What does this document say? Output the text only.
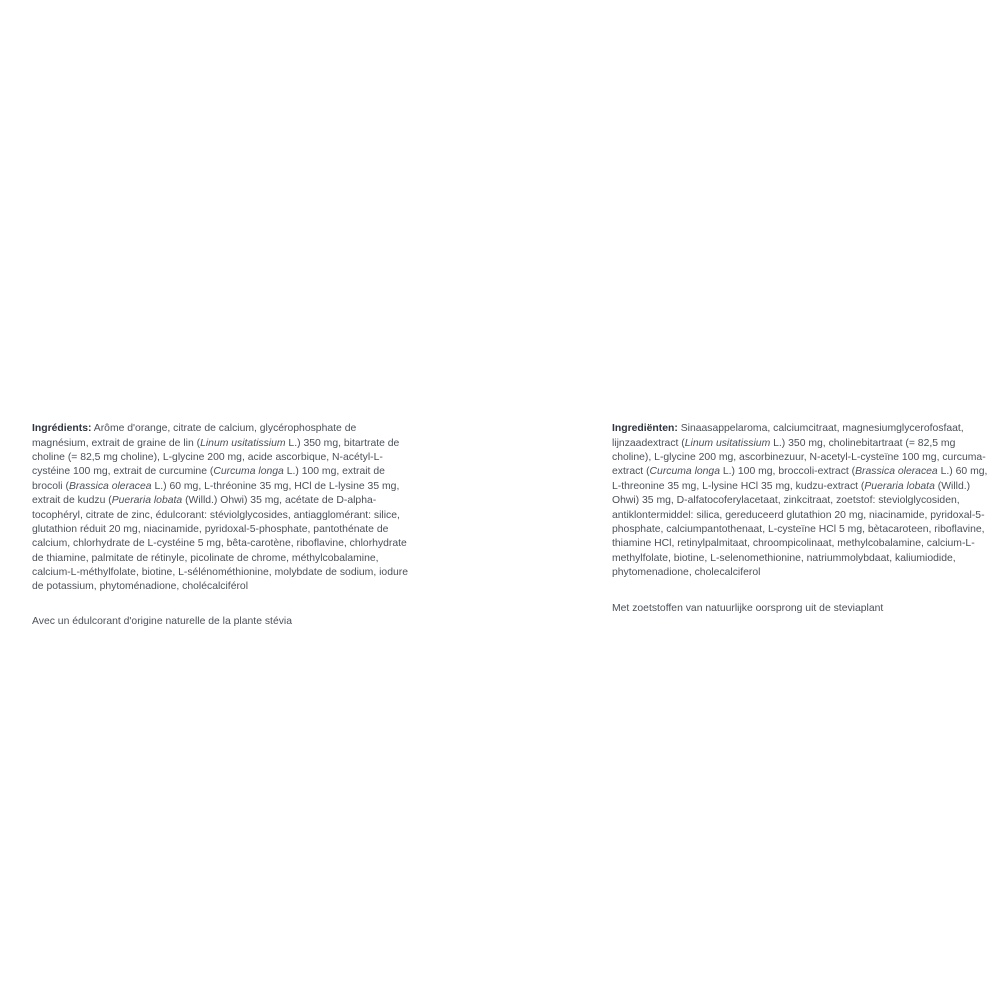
Ingrédients: Arôme d'orange, citrate de calcium, glycérophosphate de magnésium, extrait de graine de lin (Linum usitatissium L.) 350 mg, bitartrate de choline (= 82,5 mg choline), L-glycine 200 mg, acide ascorbique, N-acétyl-L-cystéine 100 mg, extrait de curcumine (Curcuma longa L.) 100 mg, extrait de brocoli (Brassica oleracea L.) 60 mg, L-thréonine 35 mg, HCl de L-lysine 35 mg, extrait de kudzu (Pueraria lobata (Willd.) Ohwi) 35 mg, acétate de D-alpha-tocophéryl, citrate de zinc, édulcorant: stéviolglycosides, antiagglomérant: silice, glutathion réduit 20 mg, niacinamide, pyridoxal-5-phosphate, pantothénate de calcium, chlorhydrate de L-cystéine 5 mg, bêta-carotène, riboflavine, chlorhydrate de thiamine, palmitate de rétinyle, picolinate de chrome, méthylcobalamine, calcium-L-méthylfolate, biotine, L-sélénométhionine, molybdate de sodium, iodure de potassium, phytoménadione, cholécalciférol

Avec un édulcorant d'origine naturelle de la plante stévia

Ingrediënten: Sinaasappelaroma, calciumcitraat, magnesiumglycerofosfaat, lijnzaadextract (Linum usitatissium L.) 350 mg, cholinebitartraat (= 82,5 mg choline), L-glycine 200 mg, ascorbinezuur, N-acetyl-L-cysteïne 100 mg, curcuma-extract (Curcuma longa L.) 100 mg, broccoli-extract (Brassica oleracea L.) 60 mg, L-threonine 35 mg, L-lysine HCl 35 mg, kudzu-extract (Pueraria lobata (Willd.) Ohwi) 35 mg, D-alfatocoferylacetaat, zinkcitraat, zoetstof: steviolglycosiden, antiklontermiddel: silica, gereduceerd glutathion 20 mg, niacinamide, pyridoxal-5-phosphate, calciumpantothenaat, L-cysteïne HCl 5 mg, bètacaroteen, riboflavine, thiamine HCl, retinylpalmitaat, chroompicolinaat, methylcobalamine, calcium-L-methylfolate, biotine, L-selenomethionine, natriummolybdaat, kaliumiodide, phytomenadione, cholecalciferol

Met zoetstoffen van natuurlijke oorsprong uit de steviaplant
